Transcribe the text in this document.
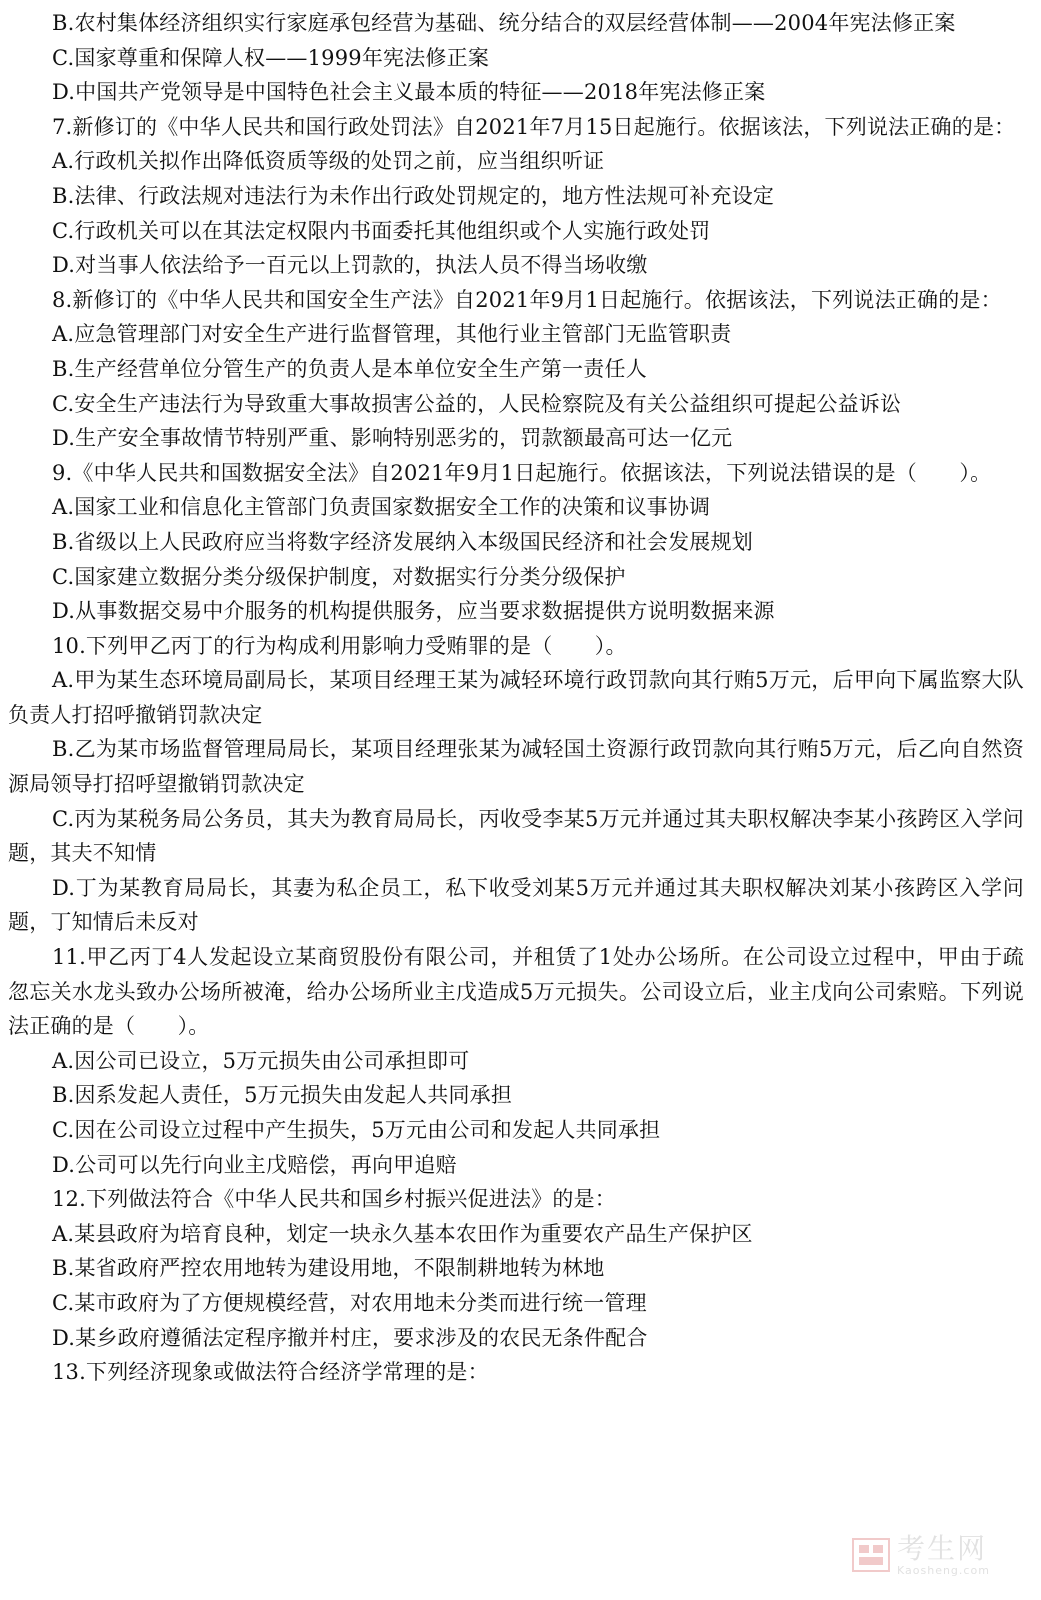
B.农村集体经济组织实行家庭承包经营为基础、统分结合的双层经营体制——2004年宪法修正案

C.国家尊重和保障人权——1999年宪法修正案

D.中国共产党领导是中国特色社会主义最本质的特征——2018年宪法修正案

7.新修订的《中华人民共和国行政处罚法》自2021年7月15日起施行。依据该法，下列说法正确的是：

A.行政机关拟作出降低资质等级的处罚之前，应当组织听证

B.法律、行政法规对违法行为未作出行政处罚规定的，地方性法规可补充设定

C.行政机关可以在其法定权限内书面委托其他组织或个人实施行政处罚

D.对当事人依法给予一百元以上罚款的，执法人员不得当场收缴

8.新修订的《中华人民共和国安全生产法》自2021年9月1日起施行。依据该法，下列说法正确的是：

A.应急管理部门对安全生产进行监督管理，其他行业主管部门无监管职责

B.生产经营单位分管生产的负责人是本单位安全生产第一责任人

C.安全生产违法行为导致重大事故损害公益的，人民检察院及有关公益组织可提起公益诉讼

D.生产安全事故情节特别严重、影响特别恶劣的，罚款额最高可达一亿元

9.《中华人民共和国数据安全法》自2021年9月1日起施行。依据该法，下列说法错误的是（　　）。

A.国家工业和信息化主管部门负责国家数据安全工作的决策和议事协调

B.省级以上人民政府应当将数字经济发展纳入本级国民经济和社会发展规划

C.国家建立数据分类分级保护制度，对数据实行分类分级保护

D.从事数据交易中介服务的机构提供服务，应当要求数据提供方说明数据来源

10.下列甲乙丙丁的行为构成利用影响力受贿罪的是（　　）。

A.甲为某生态环境局副局长，某项目经理王某为减轻环境行政罚款向其行贿5万元，后甲向下属监察大队负责人打招呼撤销罚款决定

B.乙为某市场监督管理局局长，某项目经理张某为减轻国土资源行政罚款向其行贿5万元，后乙向自然资源局领导打招呼望撤销罚款决定

C.丙为某税务局公务员，其夫为教育局局长，丙收受李某5万元并通过其夫职权解决李某小孩跨区入学问题，其夫不知情

D.丁为某教育局局长，其妻为私企员工，私下收受刘某5万元并通过其夫职权解决刘某小孩跨区入学问题，丁知情后未反对

11.甲乙丙丁4人发起设立某商贸股份有限公司，并租赁了1处办公场所。在公司设立过程中，甲由于疏忽忘关水龙头致办公场所被淹，给办公场所业主戊造成5万元损失。公司设立后，业主戊向公司索赔。下列说法正确的是（　　）。

A.因公司已设立，5万元损失由公司承担即可

B.因系发起人责任，5万元损失由发起人共同承担

C.因在公司设立过程中产生损失，5万元由公司和发起人共同承担

D.公司可以先行向业主戊赔偿，再向甲追赔

12.下列做法符合《中华人民共和国乡村振兴促进法》的是：

A.某县政府为培育良种，划定一块永久基本农田作为重要农产品生产保护区

B.某省政府严控农用地转为建设用地，不限制耕地转为林地

C.某市政府为了方便规模经营，对农用地未分类而进行统一管理

D.某乡政府遵循法定程序撤并村庄，要求涉及的农民无条件配合

13.下列经济现象或做法符合经济学常理的是：

考生网
Kaosheng.com
